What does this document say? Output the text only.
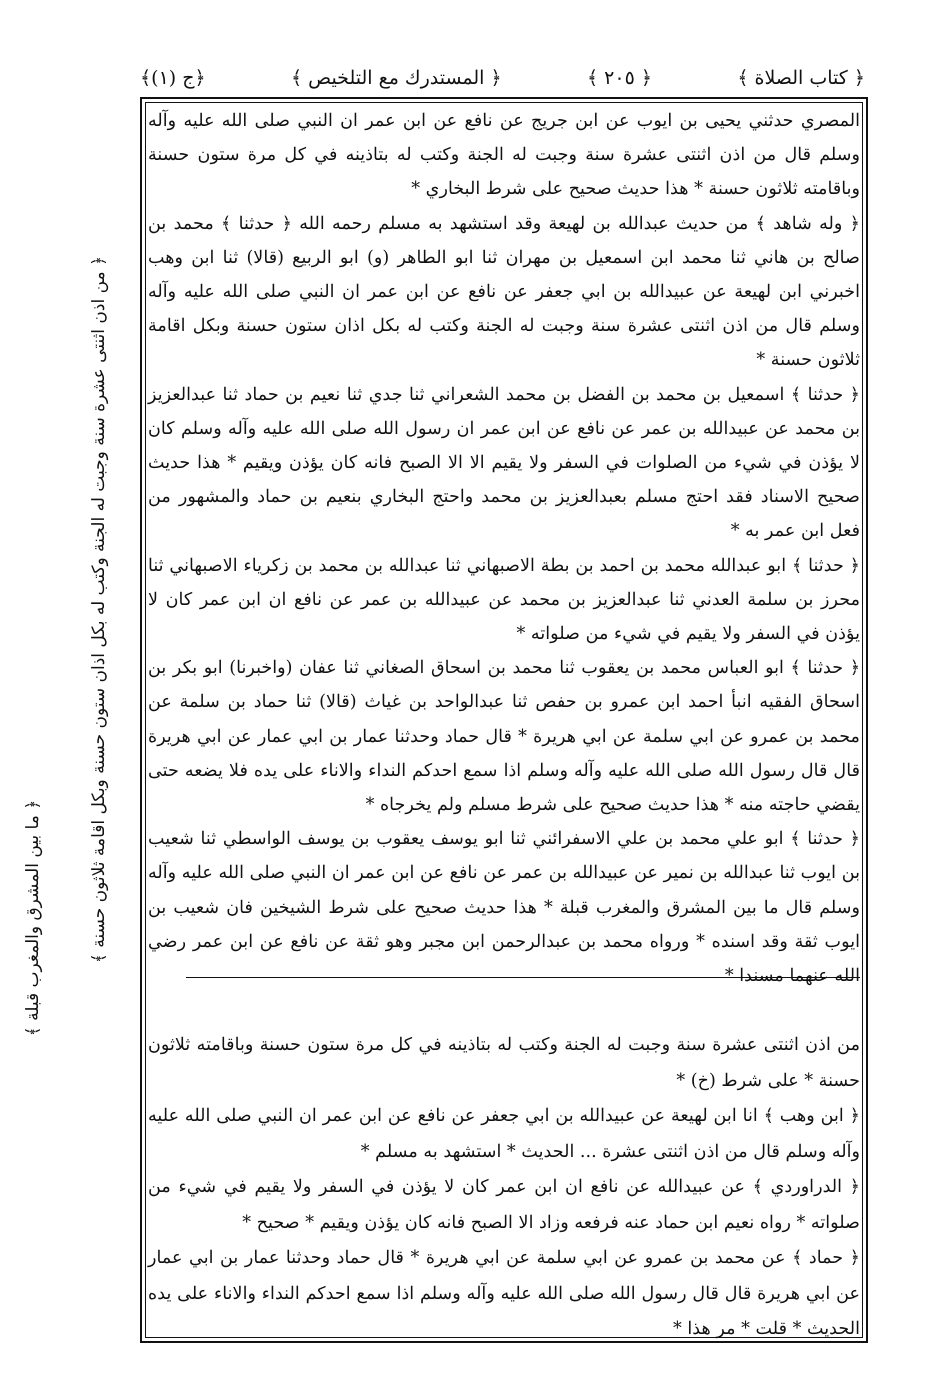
﴿ج (١)﴾	﴿ المستدرك مع التلخيص ﴾	﴿ ٢٠٥ ﴾	﴿ كتاب الصلاة ﴾

المصري حدثني يحيى بن ايوب عن ابن جريج عن نافع عن ابن عمر ان النبي صلى الله عليه وآله وسلم قال من اذن اثنتى عشرة سنة وجبت له الجنة وكتب له بتاذينه في كل مرة ستون حسنة وباقامته ثلاثون حسنة * هذا حديث صحيح على شرط البخاري *

﴿ وله شاهد ﴾ من حديث عبدالله بن لهيعة وقد استشهد به مسلم رحمه الله ﴿ حدثنا ﴾ محمد بن صالح بن هاني ثنا محمد ابن اسمعيل بن مهران ثنا ابو الطاهر (و) ابو الربيع (قالا) ثنا ابن وهب اخبرني ابن لهيعة عن عبيدالله بن ابي جعفر عن نافع عن ابن عمر ان النبي صلى الله عليه وآله وسلم قال من اذن اثنتى عشرة سنة وجبت له الجنة وكتب له بكل اذان ستون حسنة وبكل اقامة ثلاثون حسنة *

﴿ حدثنا ﴾ اسمعيل بن محمد بن الفضل بن محمد الشعراني ثنا جدي ثنا نعيم بن حماد ثنا عبدالعزيز بن محمد عن عبيدالله بن عمر عن نافع عن ابن عمر ان رسول الله صلى الله عليه وآله وسلم كان لا يؤذن في شيء من الصلوات في السفر ولا يقيم الا الا الصبح فانه كان يؤذن ويقيم * هذا حديث صحيح الاسناد فقد احتج مسلم بعبدالعزيز بن محمد واحتج البخاري بنعيم بن حماد والمشهور من فعل ابن عمر به *

﴿ حدثنا ﴾ ابو عبدالله محمد بن احمد بن بطة الاصبهاني ثنا عبدالله بن محمد بن زكرياء الاصبهاني ثنا محرز بن سلمة العدني ثنا عبدالعزيز بن محمد عن عبيدالله بن عمر عن نافع ان ابن عمر كان لا يؤذن في السفر ولا يقيم في شيء من صلواته *

﴿ حدثنا ﴾ ابو العباس محمد بن يعقوب ثنا محمد بن اسحاق الصغاني ثنا عفان (واخبرنا) ابو بكر بن اسحاق الفقيه انبأ احمد ابن عمرو بن حفص ثنا عبدالواحد بن غياث (قالا) ثنا حماد بن سلمة عن محمد بن عمرو عن ابي سلمة عن ابي هريرة * قال حماد وحدثنا عمار بن ابي عمار عن ابي هريرة قال قال رسول الله صلى الله عليه وآله وسلم اذا سمع احدكم النداء والاناء على يده فلا يضعه حتى يقضي حاجته منه * هذا حديث صحيح على شرط مسلم ولم يخرجاه *

﴿ حدثنا ﴾ ابو علي محمد بن علي الاسفرائني ثنا ابو يوسف يعقوب بن يوسف الواسطي ثنا شعيب بن ايوب ثنا عبدالله بن نمير عن عبيدالله بن عمر عن نافع عن ابن عمر ان النبي صلى الله عليه وآله وسلم قال ما بين المشرق والمغرب قبلة * هذا حديث صحيح على شرط الشيخين فان شعيب بن ايوب ثقة وقد اسنده * ورواه محمد بن عبدالرحمن ابن مجبر وهو ثقة عن نافع عن ابن عمر رضي الله عنهما مسندا *

من اذن اثنتى عشرة سنة وجبت له الجنة وكتب له بتاذينه في كل مرة ستون حسنة وباقامته ثلاثون حسنة * على شرط (خ) *

﴿ ابن وهب ﴾ انا ابن لهيعة عن عبيدالله بن ابي جعفر عن نافع عن ابن عمر ان النبي صلى الله عليه وآله وسلم قال من اذن اثنتى عشرة ... الحديث * استشهد به مسلم *

﴿ الدراوردي ﴾ عن عبيدالله عن نافع ان ابن عمر كان لا يؤذن في السفر ولا يقيم في شيء من صلواته * رواه نعيم ابن حماد عنه فرفعه وزاد الا الصبح فانه كان يؤذن ويقيم * صحيح *

﴿ حماد ﴾ عن محمد بن عمرو عن ابي سلمة عن ابي هريرة * قال حماد وحدثنا عمار بن ابي عمار عن ابي هريرة قال قال رسول الله صلى الله عليه وآله وسلم اذا سمع احدكم النداء والاناء على يده الحديث * قلت * مر هذا *

﴿ من اذن اثنتى عشرة سنة وجبت له الجنة وكتب له بكل اذان ستون حسنة وبكل اقامة ثلاثون حسنة ﴾
﴿ ما بين المشرق والمغرب قبلة ﴾
